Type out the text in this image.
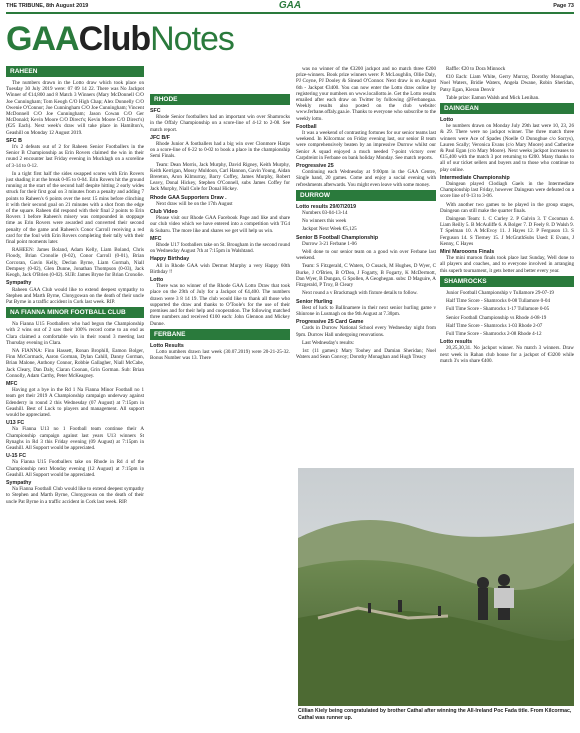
THE TRIBUNE, 8th August 2019	GAA	Page 73
GAAClubNotes
RAHEEN
The numbers drawn in the Lotto draw which took place on Tuesday 30 July 2019 were: 07 09 14 22. There was No Jackpot Winner of €14,800 and 8 Match 3 Winners (Mary McDonnell C/O Joe Cunningham; Tom Keogh C/O High Chap; Alex Donnelly C/O Owenie O'Connor; Joe Cunningham C/O Joe Cunningham; Vincent McDonnell C/O Joe Cunningham; Jason Cowan C/O Ger McDonald; Kevin Moore C/O Direct's; Kevin Moore C/O Direct's) (€25 Each). Next week's draw will take place in Hamilton's, Geashill on Monday 12 August 2019.
SFC B
It's 2 defeats out of 2 for Raheen Senior Footballers in the Senior B Championship as Erin Rovers claimed the win in their round 2 encounter last Friday evening in Mucklagh on a scoreline of 3-14 to 0-12.
In a tight first half the sides swapped scores with Erin Rovers just shading it at the break 0-05 to 0-04. Erin Rovers hit the ground running at the start of the second half despite hitting 2 early wides struck for their first goal on 3 minutes from a penalty and adding 7 points to Raheen's 6 points over the next 15 mins before clinching it with their second goal on 21 minutes with a shot from the edge of the square. Raheen did respond with their final 2 points to Erin Rovers 1 before Raheen's misery was compounded in stoppage time as Erin Rovers were awarded and converted their second penalty of the game and Raheen's Conor Carroll receiving a red card for the foul with Erin Rovers completing their tally with their final point moments later.
RAHEEN: James Boland, Adam Kelly, Liam Boland, Chris Floody, Brian Cronolie (0-02), Conor Carroll (0-01), Brian Corcoran, Gavin Kelly, Declan Byrne, Liam Gormah, Niall Dempsey (0-02), Glen Dunne, Jonathan Thompson (0-03), Jack Keogh, Jack O'Brien (0-02). SUB: James Bryne for Brian Cronolie.
Sympathy
Raheen GAA Club would like to extend deepest sympathy to Stephen and Marth Byrne, Clonygowan on the death of their uncle Pat Byrne in a traffic accident in Cork last week. RIP.
NA FIANNA MINOR FOOTBALL CLUB
Na Fianna U15 Footballers who had begun the Championship with 2 wins out of 2 saw their 100% record come to an end as Clara claimed a comfortable win in their round 3 meeting last Thursday evening in Clara.
NA FIANNA: Finn Hassett, Ronan Brophill, Eamon Bolger, Finn McCormack, Aaron Gorman, Dylan Cahill, Danny Gorman, Brian Malone, Anthony Connor, Robbie Gallagher, Niall McCabe, Jack Cleary, Dan Daly, Ciaran Coonan, Grin Gorman. Sub: Brian Connolly, Adam Carthy, Peter McKeagney.
MFC
Having got a bye in the Rd 1 Na Fianna Minor Football no 1 team get their 2019 A Championship campaign underway against Edenderry in round 2 this Wednesday (07 August) at 7:15pm in Geashill. Best of Luck to players and management. All support would be appreciated.
U13 FC
Na Fianna U13 no 1 Football team continue their A Championship campaign against last years U13 winners St Rynaghs in Rd 3 this Friday evening (09 August) at 7:15pm in Geashill. All Support would be appreciated.
U-15 FC
Na Fianna U15 Footballers take on Rhode in Rd 4 of the Championship next Monday evening (12 August) at 7:15pm in Geashill. All Support would be appreciated.
Sympathy
Na Fianna Football Club would like to extend deepest sympathy to Stephen and Marth Byrne, Clonygowan on the death of their uncle Pat Byrne in a traffic accident in Cork last week. RIP.
RHODE
SFC
Rhode Senior footballers had an important win over Shamrocks in the Offaly Championship on a score-line of 4-12 to 2-08. See match report.
JFC B/F
Rhode Junior A footballers had a big win over Clonmore Harps on a score-line of 6-22 to 0-02 to book a place in the championship Semi Finals.
Team: Dean Morris, Jack Murphy, David Rigney, Keith Murphy, Keith Kerrigan, Mossy Muldoon, Carl Hannon, Gavin Young, Aidan Brereton, Aron Kilmurray, Barry Coffey, James Murphy, Robert Leavy, Donal Hickey, Stephen O'Connell, subs James Coffey for Jack Murphy, Niall Cole for Donal Hickey.
Rhode GAA Supporters Draw .
Next draw will be on the 17th August
Club Video
Please visit our Rhode GAA Facebook Page and like and share our club video which we have entered into a competition with TG4 & Subaru. The more like and shares we get will help us win.
MFC
Rhode U17 footballers take on St. Brougham in the second round on Wednesday August 7th at 7:15pm in Walshtand.
Happy Birthday
All in Rhode GAA wish Dermot Murphy a very Happy 60th Birthday !!
Lotto
There was no winner of the Rhode GAA Lotto Draw that took place on the 29th of July for a Jackpot of €4,400. The numbers drawn were 3 8 14 19. The club would like to thank all those who supported the draw and thanks to O'Toole's for the use of their premises and for their help and cooperation. The following matched three numbers and received €100 each: John Glennon and Mickey Dunne.
FERBANE
Lotto Results
Lotto numbers drawn last week (30.07.2019) were 20-21-25-32. Bonus Number was 13. There
was no winner of the €3200 jackpot and no match three €200 prize-winners. Book prize winners were: P. McLoughlin, Ollie Daly, PJ Coyne, PJ Dooley & Sinead O'Connor. Next draw is on August 6th - Jackpot €3400. You can now enter the Lotto draw online by registering your numbers on www.locallotto.ie. Get the Lotto results emailed after each draw on Twitter by following @Ferbanegaa. Weekly results also posted on the club website: www.ferbane.offaly.gaa.ie. Thanks to everyone who subscribe to the weekly lotto.
Football
It was a weekend of contrasting fortunes for our senior teams last weekend. In Kilcormac on Friday evening last, our senior B team were comprehensively beaten by an impressive Durrow whilst our Senior A squad enjoyed a much needed 7-point victory over Carpdreint in Ferbane on bank holiday Monday. See match reports.
Progressive 25
Continuing each Wednesday at 9:00pm in the GAA Centre, Single hand, 20 games. Come and enjoy a social evening with refreshments afterwards. You might even leave with some money.
DURROW
Lotto results 29/07/2019
Numbers 03-04-13-14
No winners this week
Jackpot Next Week €5,125
Senior B Football Championship
Durrow 3-21 Ferbane 1-06
Well done to our senior team on a good win over Ferbane last weekend.
Team: S Fitzgerald, C Waters, O Cusack, M Hughes, D Wyer, C Burke, J O'Brien, B O'Dea, J Fogarty, B Fogarty, K McDermott, Dan Wyer, B Dungan, G Spollen, A Geoghegan. subs: D Maguire, A Fitzgerald, P Troy, B Cleary
Next round a v Brackmagh with fixture details to follow.
Senior Hurling
Best of luck to Ballinamere in their next senior hurling game v Shinrone in Lusmagh on the 9th August at 7.30pm.
Progressive 25 Card Game
Cards in Durrow National School every Wednesday night from 9pm. Durrow Hall undergoing renovations.
Last Wednesday's results:
1st: (11 games): Mary Toohey and Damian Sheridan; Noel Waters and Sean Convoy; Dorothy Monaghan and Hugh Treacy
Raffle: €20 to Dora Minnock
€10 Each: Liam White, Gerry Murray, Dorothy Monaghan, Noel Waters, Bridie Waters, Angela Dwane, Robin Sheridan, Patsy Egan, Kieran Denvir
Table prize: Eamon Walsh and Mick Lenihan.
DAINGEAN
Lotto
he numbers drawn on Monday July 29th last were 10, 23, 26 & 29. There were no jackpot winner. The three match three winners were Ace of Spades (Noelle O Donoghue c/o Sorrys), Lauren Scally; Veronica Evans (c/o Mary Moore) and Catherine & Paul Egan (c/o Mary Moore). Next weeks jackpot increases to €15,400 with the match 3 pot returning to €200. Many thanks to all of our ticket sellers and buyers and to those who continue to play online.
Intermediate Championship
Daingean played Clodiagh Gaels in the Intermediate Championship last Friday, however Daingean were defeated on a score line of 0-13 to 3-06.
With another two games to be played in the group stages, Daingean can still make the quarter finals.
Daingean Team: 1. C Curley 2. P Galvin 3. T Cocoman 4. Liam Reilly 5. B McAuliffe 6. A Bolger 7. D Feely 8. D Walsh 9. T Spelman 10. A McEvoy 11. J Hayes 12. P Ferguson 13. S Ferguson 14. S Tierney 15. J McGrathSubs Used: E Evans, J Kenny, C Hayes
Mini Marooons Finals
The mini maroon finals took place last Sunday, Well done to all players and coaches, and to everyone involved in arranging this superb tournament, it gets better and better every year.
SHAMROCKS
Junior Football Championship v Tullamore 29-07-19
Half Time Score - Shamrocks 0-08 Tullamore 0-04
Full Time Score - Shamrocks 1-17 Tullamore 0-05
Senior Football Championship vs Rhode 4-08-19
Half Time Score - Shamrocks 1-03 Rhode 2-07
Full Time Score - Shamrocks 2-08 Rhode 4-12
Lotto results
20,25,30,31. No jackpot winner. No match 3 winners. Draw next week in Rahan club house for a jackpot of €3200 while match 3's win share €400.
Cillian Kiely being congratulated by brother Cathal after winning the All-Ireland Poc Fada title. From Kilcormac, Cathal was runner up.
